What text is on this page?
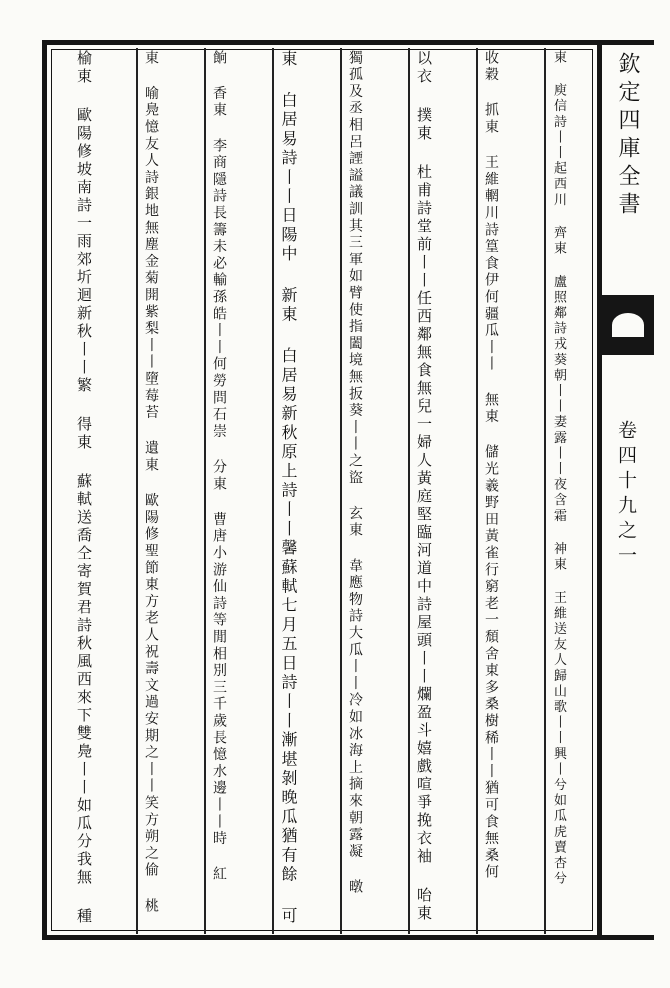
東 庾信詩丨丨起西川 齊東 盧照鄰詩戎葵朝丨丨妻露丨丨夜含霜 神東 王維送友人歸山歌丨丨興丨兮如瓜虎賣杏兮
收穀 抓東 王維輞川詩篁食伊何疆瓜丨丨 無東 儲光羲野田黃雀行窮老一頹舍東多桑樹稀丨丨猶可食無桑何
以衣 撲東 杜甫詩堂前丨丨任西鄰無食無兒一婦人黃庭堅臨河道中詩屋頭丨丨爛盈斗嬉戲喧爭挽衣袖 咍東
獨孤及丞相呂諲謚議訓其三軍如臂使指闔境無扳葵丨丨之盜 玄東 韋應物詩大瓜丨丨冷如冰海上摘來朝露凝 暾
東 白居易詩丨丨日陽中 新東 白居易新秋原上詩丨丨馨蘇軾七月五日詩丨丨漸堪剝晚瓜猶有餘 可
餉 香東 李商隱詩長籌未必輸孫皓丨丨何勞問石崇 分東 曹唐小游仙詩等閒相別三千歲長憶水邊丨丨時 紅
東 喻鳧憶友人詩銀地無塵金菊開紫梨丨丨墮莓苔 遺東 歐陽修聖節東方老人祝壽文過安期之丨丨笑方朔之偷 桃
榆東 歐陽修坡南詩一雨郊圻迴新秋丨丨繁 得東 蘇軾送喬仝寄賀君詩秋風西來下雙鳧丨丨如瓜分我無 種	欽定四庫全書
卷四十九之一
